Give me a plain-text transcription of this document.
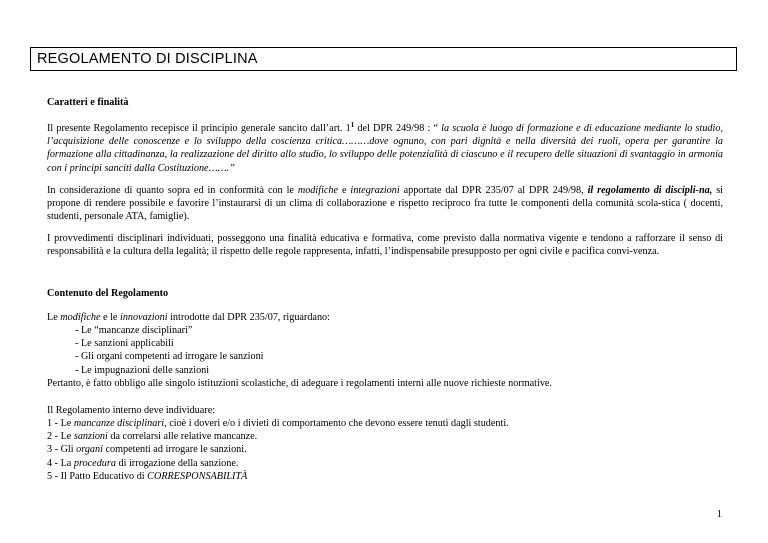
REGOLAMENTO DI DISCIPLINA
Caratteri e finalità
Il presente Regolamento recepisce il principio generale sancito dall’art. $1^1$ del DPR 249/98 : “ la scuola è luogo di formazione e di educazione mediante lo studio, l’acquisizione delle conoscenze e lo sviluppo della coscienza critica………dove ognuno, con pari dignità e nella diversità dei ruoli, opera per garantire la formazione alla cittadinanza, la realizzazione del diritto allo studio, lo sviluppo delle potenzialità di ciascuno e il recupero delle situazioni di svantaggio in armonia con i principi sanciti dalla Costituzione…….”
In considerazione di quanto sopra ed in conformità con le modifiche e integrazioni apportate dal DPR 235/07 al DPR 249/98, il regolamento di discipli-na, si propone di rendere possibile e favorire l’instaurarsi di un clima di collaborazione e rispetto reciproco fra tutte le componenti della comunità scola-stica ( docenti, studenti, personale ATA, famiglie).
I provvedimenti disciplinari individuati, posseggono una finalità educativa e formativa, come previsto dalla normativa vigente e tendono a rafforzare il senso di responsabilità e la cultura della legalità; il rispetto delle regole rappresenta, infatti, l’indispensabile presupposto per ogni civile e pacifica convi-venza.
Contenuto del Regolamento
Le modifiche e le innovazioni introdotte dal DPR 235/07, riguardano:
- Le “mancanze disciplinari”
- Le sanzioni applicabili
- Gli organi competenti ad irrogare le sanzioni
- Le impugnazioni delle sanzioni
Pertanto, è fatto obbligo alle singolo istituzioni scolastiche, di adeguare i regolamenti interni alle nuove richieste normative.
Il Regolamento interno deve individuare:
1 - Le mancanze disciplinari, cioè i doveri e/o i divieti di comportamento che devono essere tenuti dagli studenti.
2 - Le sanzioni da correlarsi alle relative mancanze.
3 - Gli organi competenti ad irrogare le sanzioni.
4 - La procedura di irrogazione della sanzione.
5 - Il Patto Educativo di CORRESPONSABILITÀ
1
